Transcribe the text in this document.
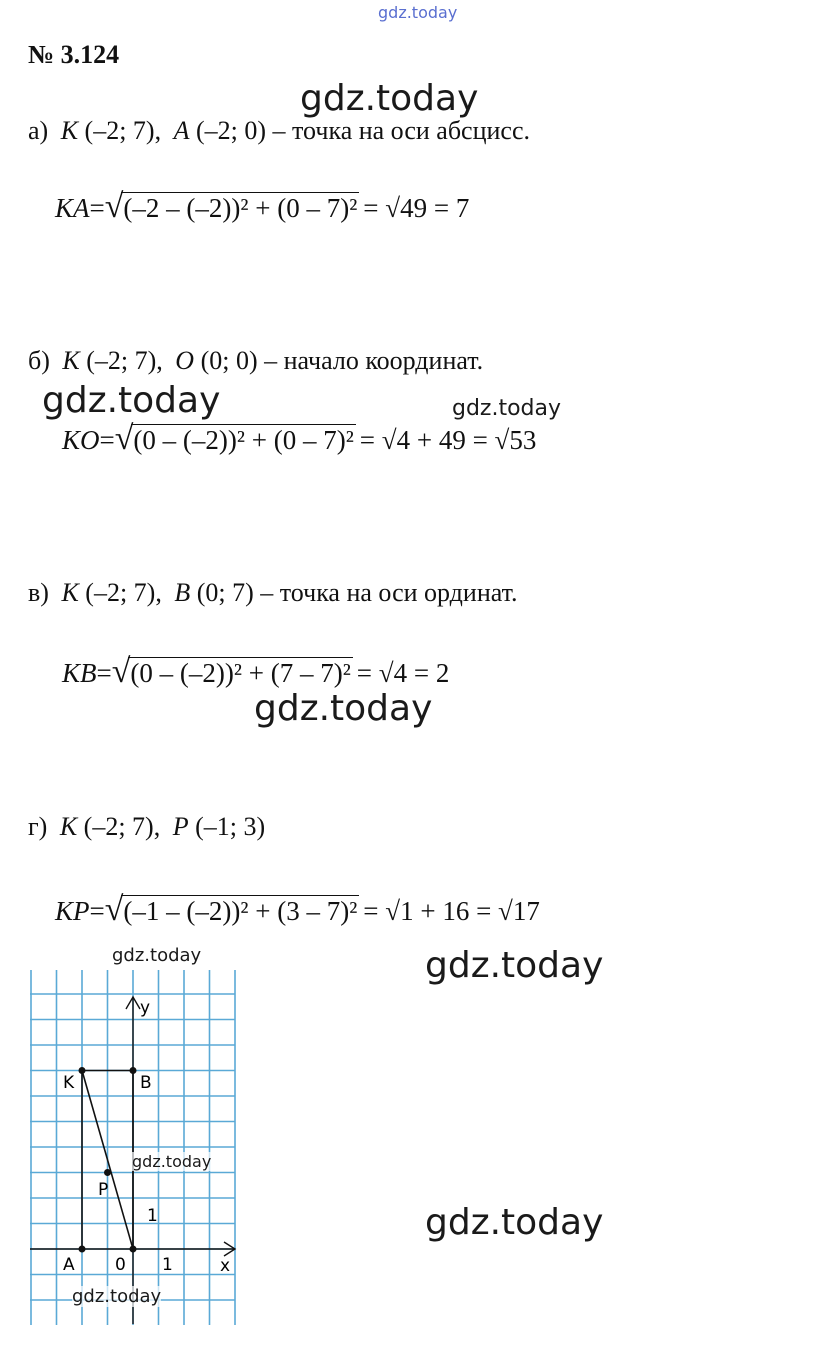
gdz.today
gdz.today
gdz.today	gdz.today
gdz.today
gdz.today	gdz.today
gdz.today
№ 3.124
а) K (–2; 7), A (–2; 0) – точка на оси абсцисс.
KA = √ (–2 – (–2))² + (0 – 7)² = √49 = 7
б) K (–2; 7), O (0; 0) – начало координат.
KO = √ (0 – (–2))² + (0 – 7)² = √4 + 49 = √53
в) K (–2; 7), B (0; 7) – точка на оси ординат.
KB = √ (0 – (–2))² + (7 – 7)² = √4 = 2
г) K (–2; 7), P (–1; 3)
KP = √ (–1 – (–2))² + (3 – 7)² = √1 + 16 = √17
y
x
0 1
1
K	B
P
A
gdz.today
gdz.today
